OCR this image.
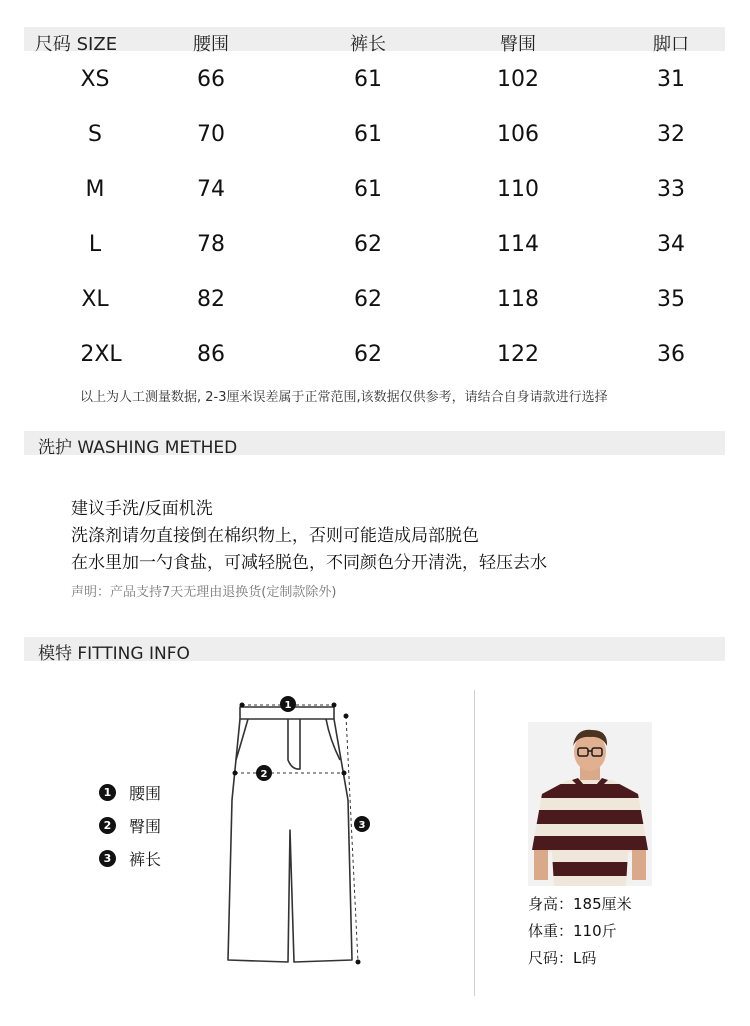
尺码 SIZE	腰围	裤长	臀围	脚口
XS	66	61	102	31
S	70	61	106	32
M	74	61	110	33
L	78	62	114	34
XL	82	62	118	35
2XL	86	62	122	36
以上为人工测量数据, 2-3厘米误差属于正常范围,该数据仅供参考，请结合自身请款进行选择
洗护 WASHING METHED
建议手洗/反面机洗
洗涤剂请勿直接倒在棉织物上，否则可能造成局部脱色
在水里加一勺食盐，可减轻脱色，不同颜色分开清洗，轻压去水
声明：产品支持7天无理由退换货(定制款除外)
模特 FITTING INFO
1 腰围
2 臀围
3 裤长
1
2
3
身高：185厘米
体重：110斤
尺码：L码
